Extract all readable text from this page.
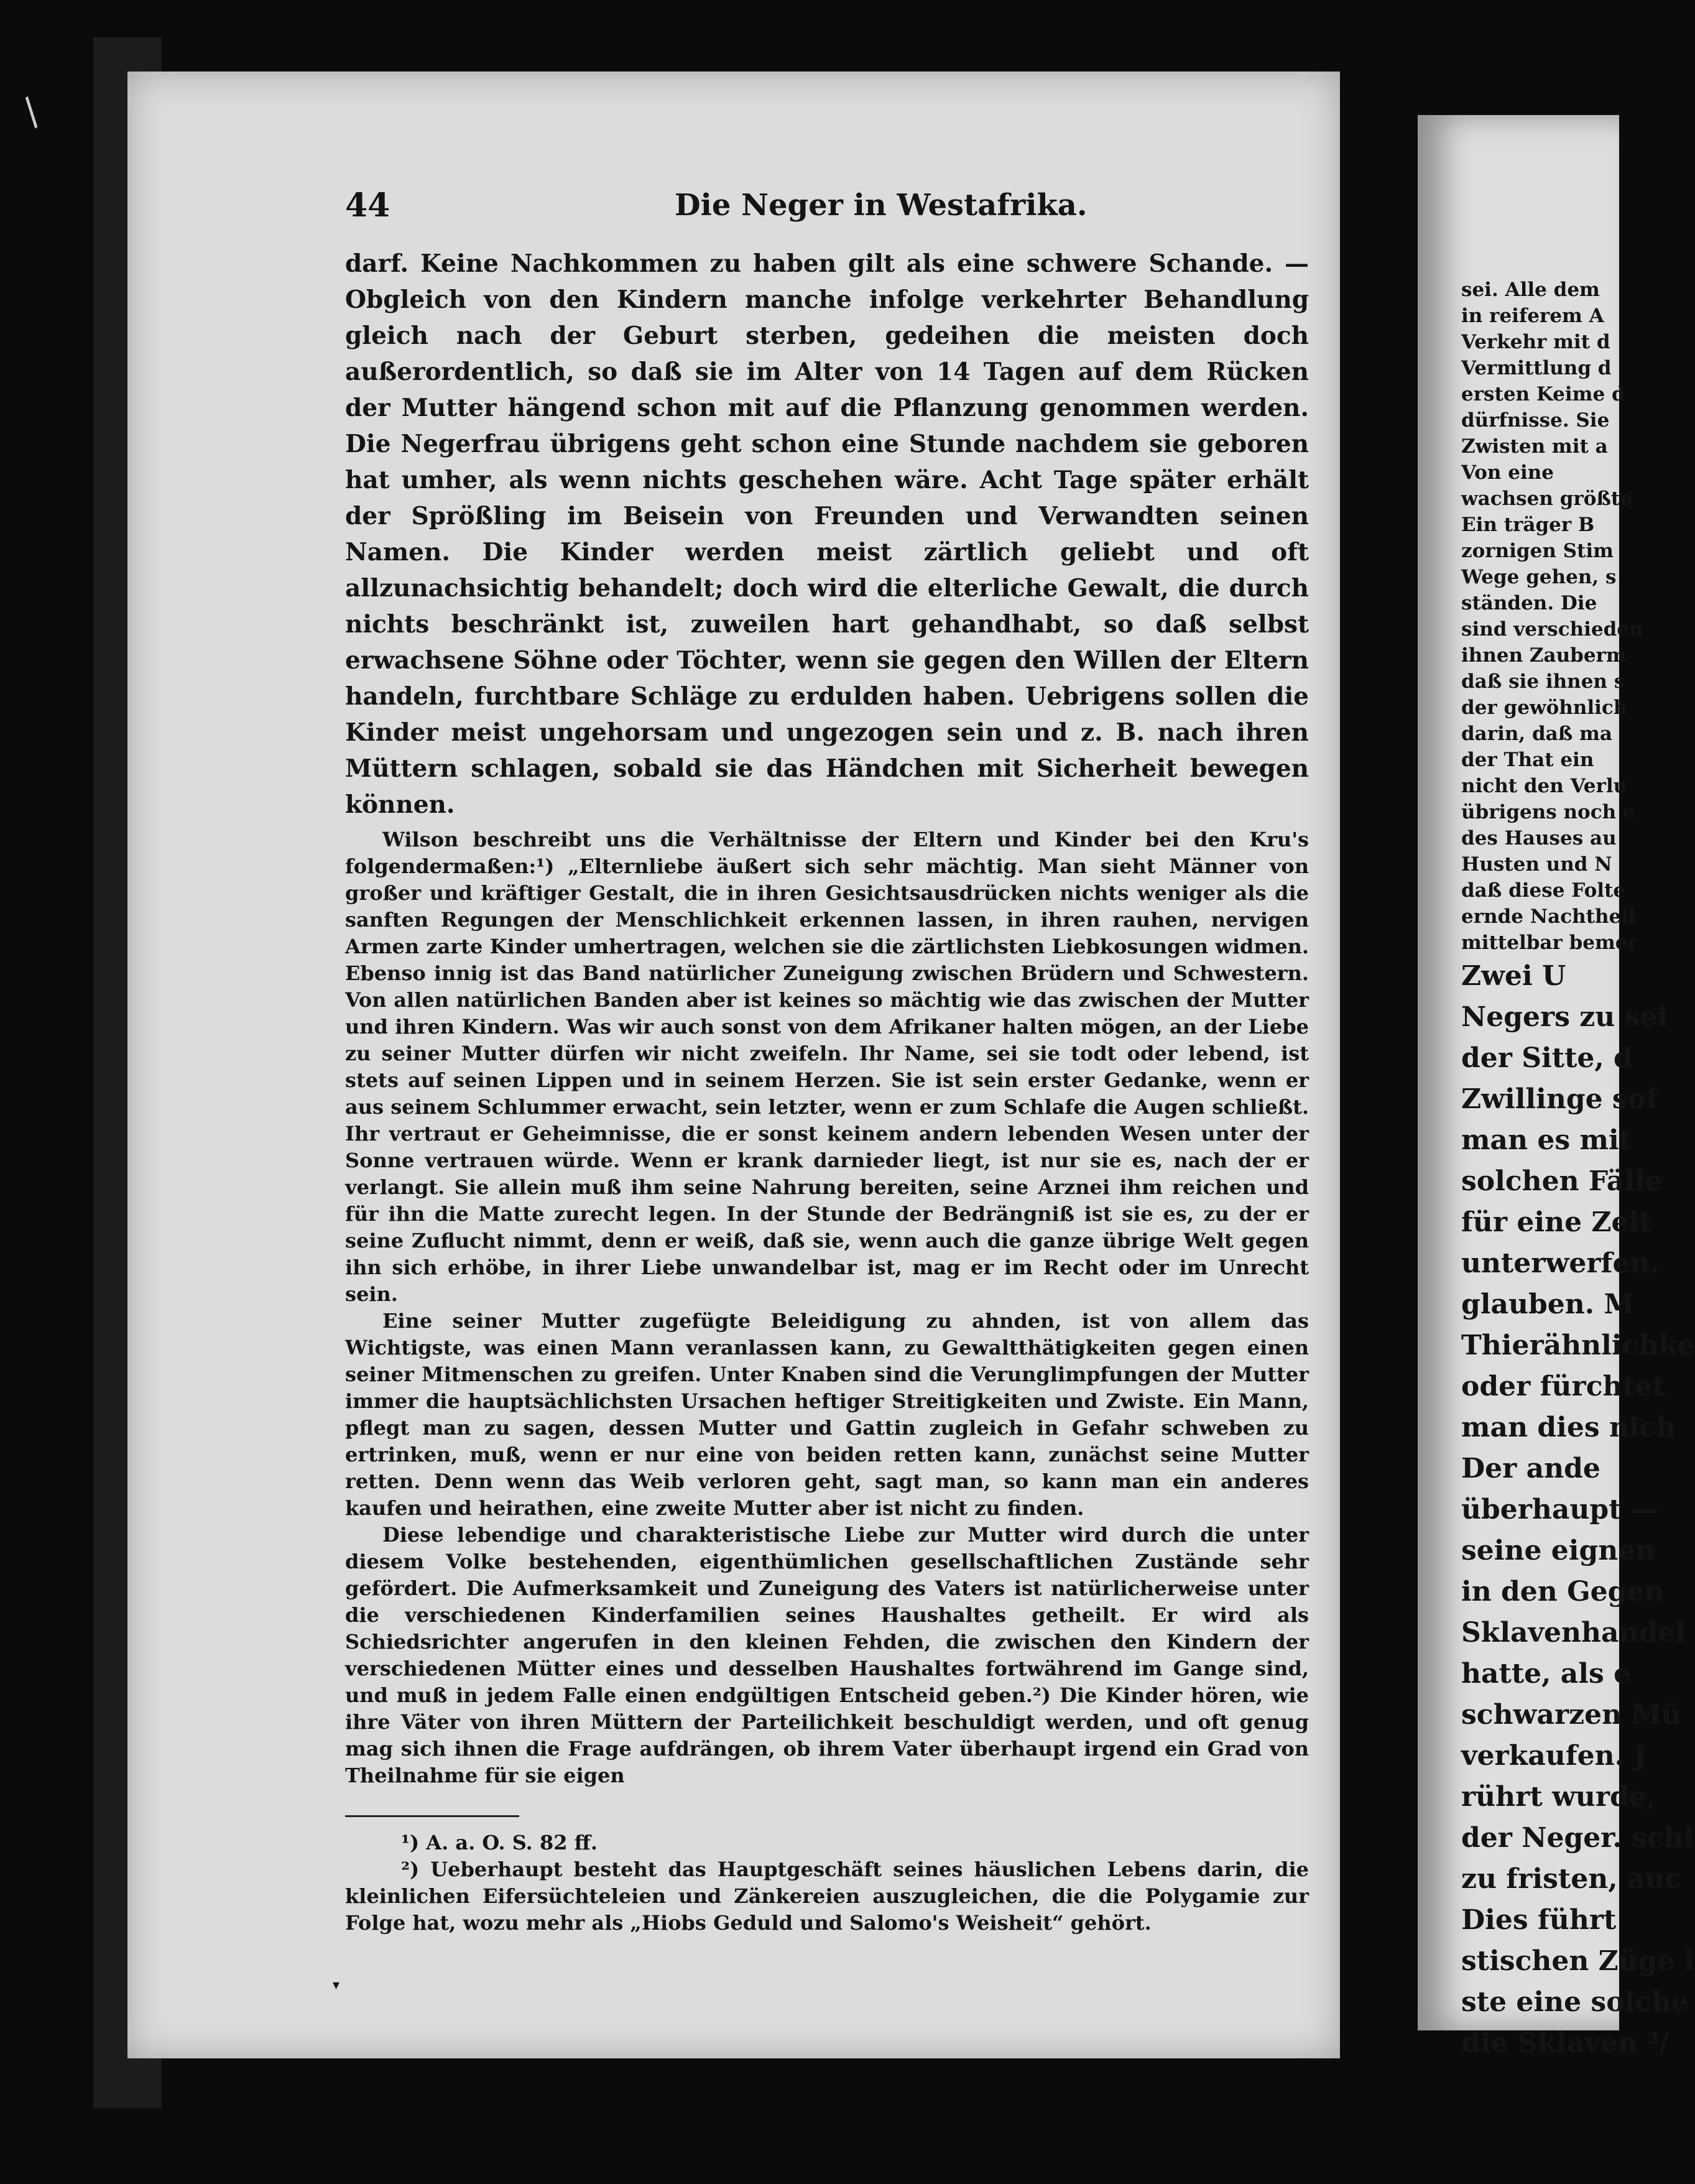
/
44	Die Neger in Westafrika.

darf. Keine Nachkommen zu haben gilt als eine schwere Schande. — Obgleich von den Kindern manche infolge verkehrter Behandlung gleich nach der Geburt sterben, gedeihen die meisten doch außerordentlich, so daß sie im Alter von 14 Tagen auf dem Rücken der Mutter hängend schon mit auf die Pflanzung genommen werden. Die Negerfrau übrigens geht schon eine Stunde nachdem sie geboren hat umher, als wenn nichts geschehen wäre. Acht Tage später erhält der Sprößling im Beisein von Freunden und Verwandten seinen Namen. Die Kinder werden meist zärtlich geliebt und oft allzunachsichtig behandelt; doch wird die elterliche Gewalt, die durch nichts beschränkt ist, zuweilen hart gehandhabt, so daß selbst erwachsene Söhne oder Töchter, wenn sie gegen den Willen der Eltern handeln, furchtbare Schläge zu erdulden haben. Uebrigens sollen die Kinder meist ungehorsam und ungezogen sein und z. B. nach ihren Müttern schlagen, sobald sie das Händchen mit Sicherheit bewegen können.

Wilson beschreibt uns die Verhältnisse der Eltern und Kinder bei den Kru's folgendermaßen:¹) „Elternliebe äußert sich sehr mächtig. Man sieht Männer von großer und kräftiger Gestalt, die in ihren Gesichtsausdrücken nichts weniger als die sanften Regungen der Menschlichkeit erkennen lassen, in ihren rauhen, nervigen Armen zarte Kinder umhertragen, welchen sie die zärtlichsten Liebkosungen widmen. Ebenso innig ist das Band natürlicher Zuneigung zwischen Brüdern und Schwestern. Von allen natürlichen Banden aber ist keines so mächtig wie das zwischen der Mutter und ihren Kindern. Was wir auch sonst von dem Afrikaner halten mögen, an der Liebe zu seiner Mutter dürfen wir nicht zweifeln. Ihr Name, sei sie todt oder lebend, ist stets auf seinen Lippen und in seinem Herzen. Sie ist sein erster Gedanke, wenn er aus seinem Schlummer erwacht, sein letzter, wenn er zum Schlafe die Augen schließt. Ihr vertraut er Geheimnisse, die er sonst keinem andern lebenden Wesen unter der Sonne vertrauen würde. Wenn er krank darnieder liegt, ist nur sie es, nach der er verlangt. Sie allein muß ihm seine Nahrung bereiten, seine Arznei ihm reichen und für ihn die Matte zurecht legen. In der Stunde der Bedrängniß ist sie es, zu der er seine Zuflucht nimmt, denn er weiß, daß sie, wenn auch die ganze übrige Welt gegen ihn sich erhöbe, in ihrer Liebe unwandelbar ist, mag er im Recht oder im Unrecht sein.

Eine seiner Mutter zugefügte Beleidigung zu ahnden, ist von allem das Wichtigste, was einen Mann veranlassen kann, zu Gewaltthätigkeiten gegen einen seiner Mitmenschen zu greifen. Unter Knaben sind die Verunglimpfungen der Mutter immer die hauptsächlichsten Ursachen heftiger Streitigkeiten und Zwiste. Ein Mann, pflegt man zu sagen, dessen Mutter und Gattin zugleich in Gefahr schweben zu ertrinken, muß, wenn er nur eine von beiden retten kann, zunächst seine Mutter retten. Denn wenn das Weib verloren geht, sagt man, so kann man ein anderes kaufen und heirathen, eine zweite Mutter aber ist nicht zu finden.

Diese lebendige und charakteristische Liebe zur Mutter wird durch die unter diesem Volke bestehenden, eigenthümlichen gesellschaftlichen Zustände sehr gefördert. Die Aufmerksamkeit und Zuneigung des Vaters ist natürlicherweise unter die verschiedenen Kinderfamilien seines Haushaltes getheilt. Er wird als Schiedsrichter angerufen in den kleinen Fehden, die zwischen den Kindern der verschiedenen Mütter eines und desselben Haushaltes fortwährend im Gange sind, und muß in jedem Falle einen endgültigen Entscheid geben.²) Die Kinder hören, wie ihre Väter von ihren Müttern der Parteilichkeit beschuldigt werden, und oft genug mag sich ihnen die Frage aufdrängen, ob ihrem Vater überhaupt irgend ein Grad von Theilnahme für sie eigen

¹) A. a. O. S. 82 ff.

²) Ueberhaupt besteht das Hauptgeschäft seines häuslichen Lebens darin, die kleinlichen Eifersüchteleien und Zänkereien auszugleichen, die die Polygamie zur Folge hat, wozu mehr als „Hiobs Geduld und Salomo's Weisheit“ gehört.

▾
sei. Alle dem
in reiferem A
Verkehr mit d
Vermittlung d
ersten Keime d
dürfnisse. Sie
Zwisten mit a
Von eine
wachsen größte
Ein träger B
zornigen Stim
Wege gehen, s
ständen. Die
sind verschieden
ihnen Zauberm
daß sie ihnen s
der gewöhnlich
darin, daß ma
der That ein
nicht den Verlu
übrigens noch e
des Hauses au
Husten und N
daß diese Folte
ernde Nachtheil
mittelbar bemer
Zwei U
Negers zu sei
der Sitte, d
Zwillinge sof
man es mit
solchen Fälle
für eine Zeit
unterwerfen.
glauben. M
Thierähnlichke
oder fürchtet
man dies nich
Der ande
überhaupt —
seine eignen
in den Gegen
Sklavenhandel
hatte, als e
schwarzen Mü
verkaufen. J
rührt wurde,
der Neger. schl
zu fristen, auc
Dies führt
stischen Züge i
ste eine solche
die Sklaven ³/
